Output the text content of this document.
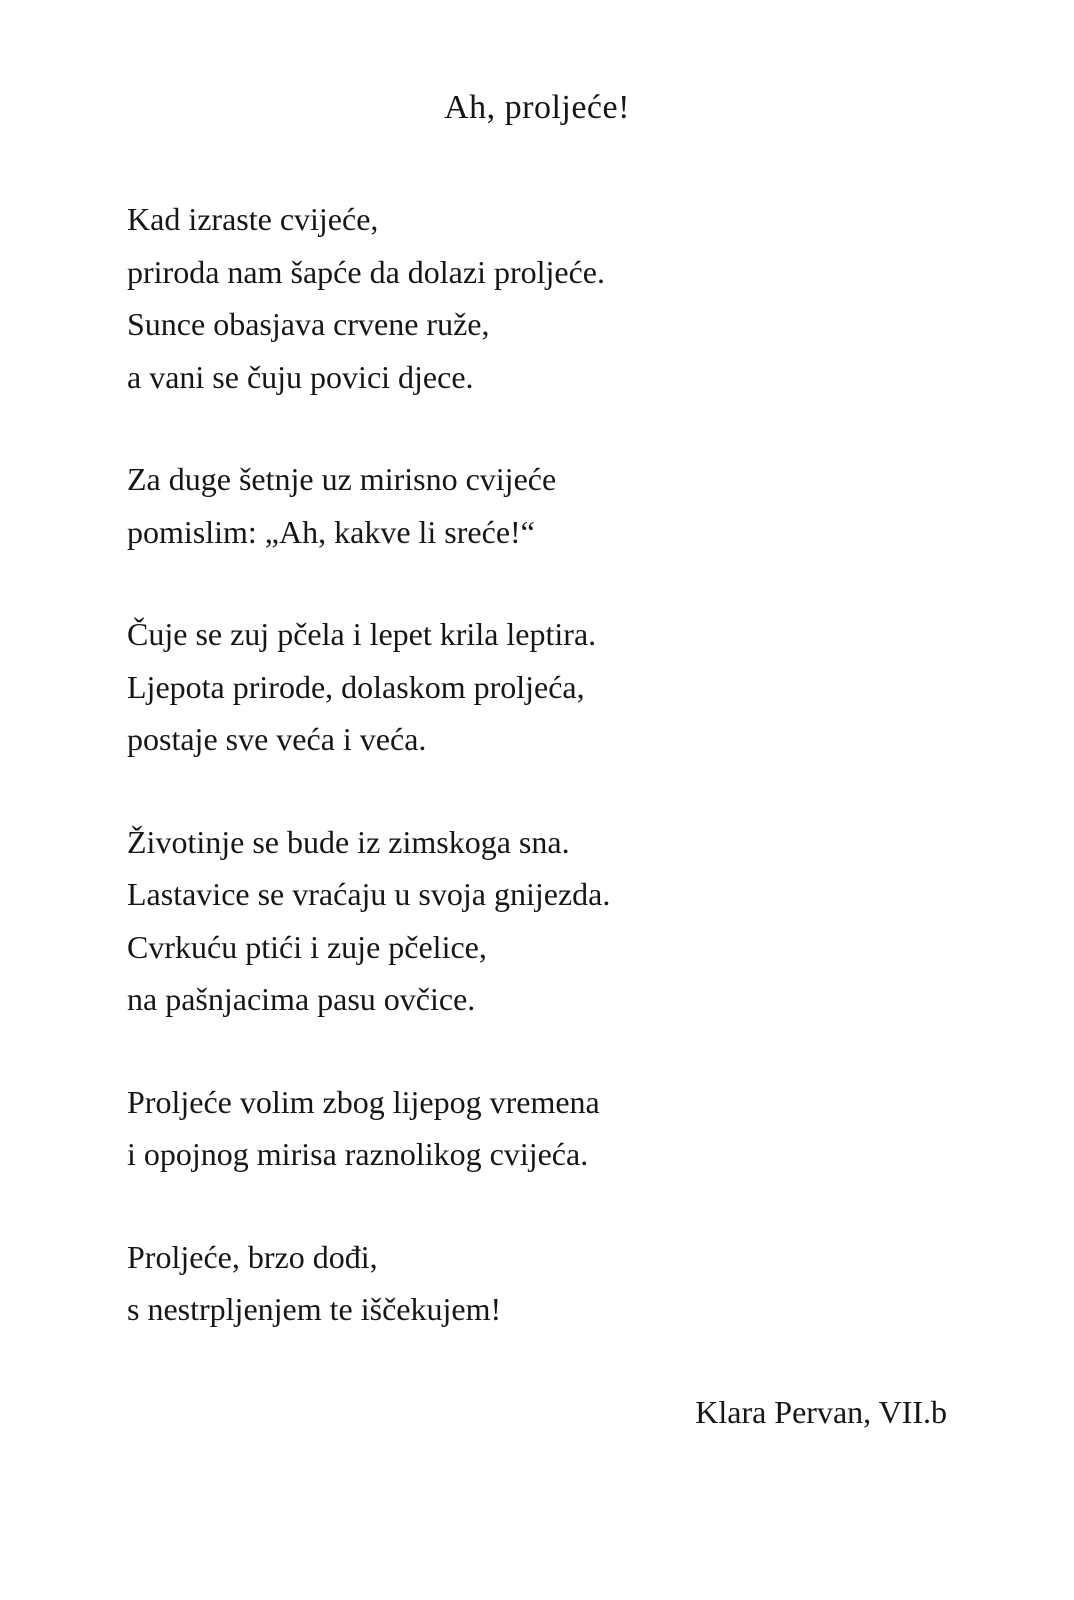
Ah, proljeće!

Kad izraste cvijeće,

priroda nam šapće da dolazi proljeće.

Sunce obasjava crvene ruže,

a vani se čuju povici djece.

Za duge šetnje uz mirisno cvijeće

pomislim: „Ah, kakve li sreće!“

Čuje se zuj pčela i lepet krila leptira.

Ljepota prirode, dolaskom proljeća,

postaje sve veća i veća.

Životinje se bude iz zimskoga sna.

Lastavice se vraćaju u svoja gnijezda.

Cvrkuću ptići i zuje pčelice,

na pašnjacima pasu ovčice.

Proljeće volim zbog lijepog vremena

i opojnog mirisa raznolikog cvijeća.

Proljeće, brzo dođi,

s nestrpljenjem te iščekujem!

Klara Pervan, VII.b
